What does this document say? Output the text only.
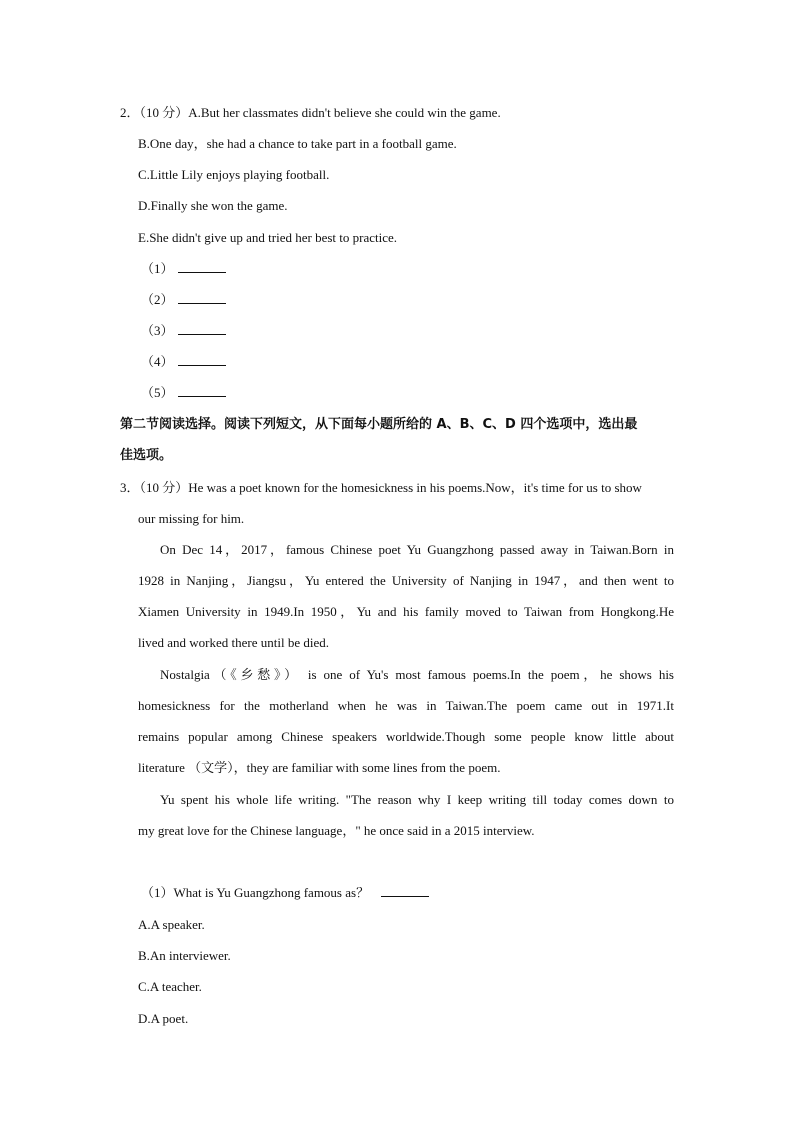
2．（10 分）A.But her classmates didn't believe she could win the game.
B.One day，she had a chance to take part in a football game.
C.Little Lily enjoys playing football.
D.Finally she won the game.
E.She didn't give up and tried her best to practice.
（1）
（2）
（3）
（4）
（5）
第二节阅读选择。阅读下列短文，从下面每小题所给的 A、B、C、D 四个选项中，选出最
佳选项。
3．（10 分）He was a poet known for the homesickness in his poems.Now，it's time for us to show
our missing for him.
On Dec 14，2017，famous Chinese poet Yu Guangzhong passed away in Taiwan.Born in
1928 in Nanjing，Jiangsu，Yu entered the University of Nanjing in 1947，and then went to
Xiamen University in 1949.In 1950，Yu and his family moved to Taiwan from Hongkong.He
lived and worked there until be died.
Nostalgia（《乡愁》） is one of Yu's most famous poems.In the poem，he shows his
homesickness for the motherland when he was in Taiwan.The poem came out in 1971.It
remains popular among Chinese speakers worldwide.Though some people know little about
literature （文学），they are familiar with some lines from the poem.
Yu spent his whole life writing. "The reason why I keep writing till today comes down to
my great love for the Chinese language，" he once said in a 2015 interview.
（1）What is Yu Guangzhong famous as？
A.A speaker.
B.An interviewer.
C.A teacher.
D.A poet.
